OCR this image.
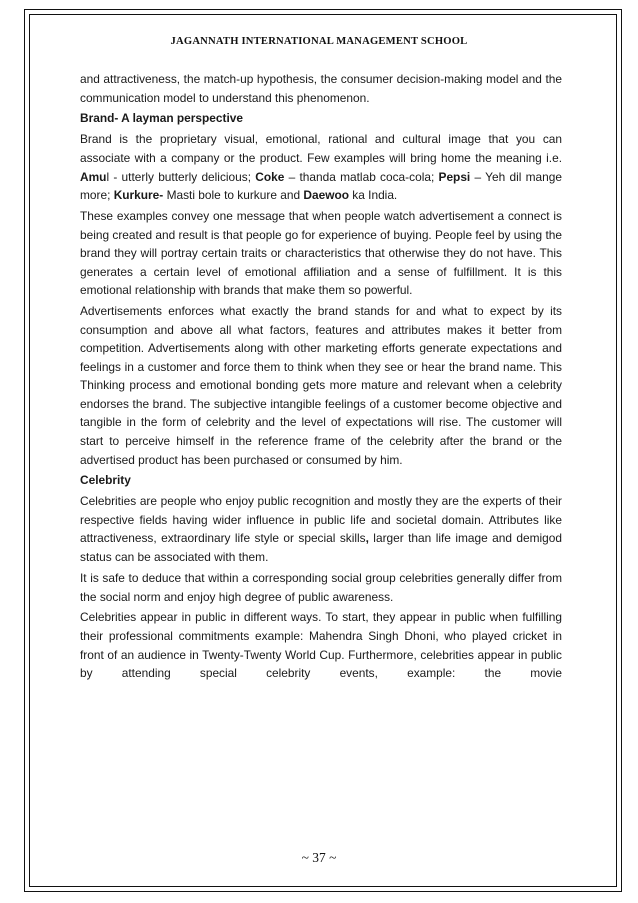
JAGANNATH INTERNATIONAL MANAGEMENT SCHOOL

and attractiveness, the match-up hypothesis, the consumer decision-making model and the communication model to understand this phenomenon.

Brand- A layman perspective

Brand is the proprietary visual, emotional, rational and cultural image that you can associate with a company or the product. Few examples will bring home the meaning i.e. Amul - utterly butterly delicious; Coke – thanda matlab coca-cola; Pepsi – Yeh dil mange more; Kurkure- Masti bole to kurkure and Daewoo ka India.

These examples convey one message that when people watch advertisement a connect is being created and result is that people go for experience of buying. People feel by using the brand they will portray certain traits or characteristics that otherwise they do not have. This generates a certain level of emotional affiliation and a sense of fulfillment. It is this emotional relationship with brands that make them so powerful.

Advertisements enforces what exactly the brand stands for and what to expect by its consumption and above all what factors, features and attributes makes it better from competition. Advertisements along with other marketing efforts generate expectations and feelings in a customer and force them to think when they see or hear the brand name. This Thinking process and emotional bonding gets more mature and relevant when a celebrity endorses the brand. The subjective intangible feelings of a customer become objective and tangible in the form of celebrity and the level of expectations will rise. The customer will start to perceive himself in the reference frame of the celebrity after the brand or the advertised product has been purchased or consumed by him.

Celebrity

Celebrities are people who enjoy public recognition and mostly they are the experts of their respective fields having wider influence in public life and societal domain. Attributes like attractiveness, extraordinary life style or special skills, larger than life image and demigod status can be associated with them.

It is safe to deduce that within a corresponding social group celebrities generally differ from the social norm and enjoy high degree of public awareness.

Celebrities appear in public in different ways. To start, they appear in public when fulfilling their professional commitments example: Mahendra Singh Dhoni, who played cricket in front of an audience in Twenty-Twenty World Cup. Furthermore, celebrities appear in public by attending special celebrity events, example: the movie

~ 37 ~
